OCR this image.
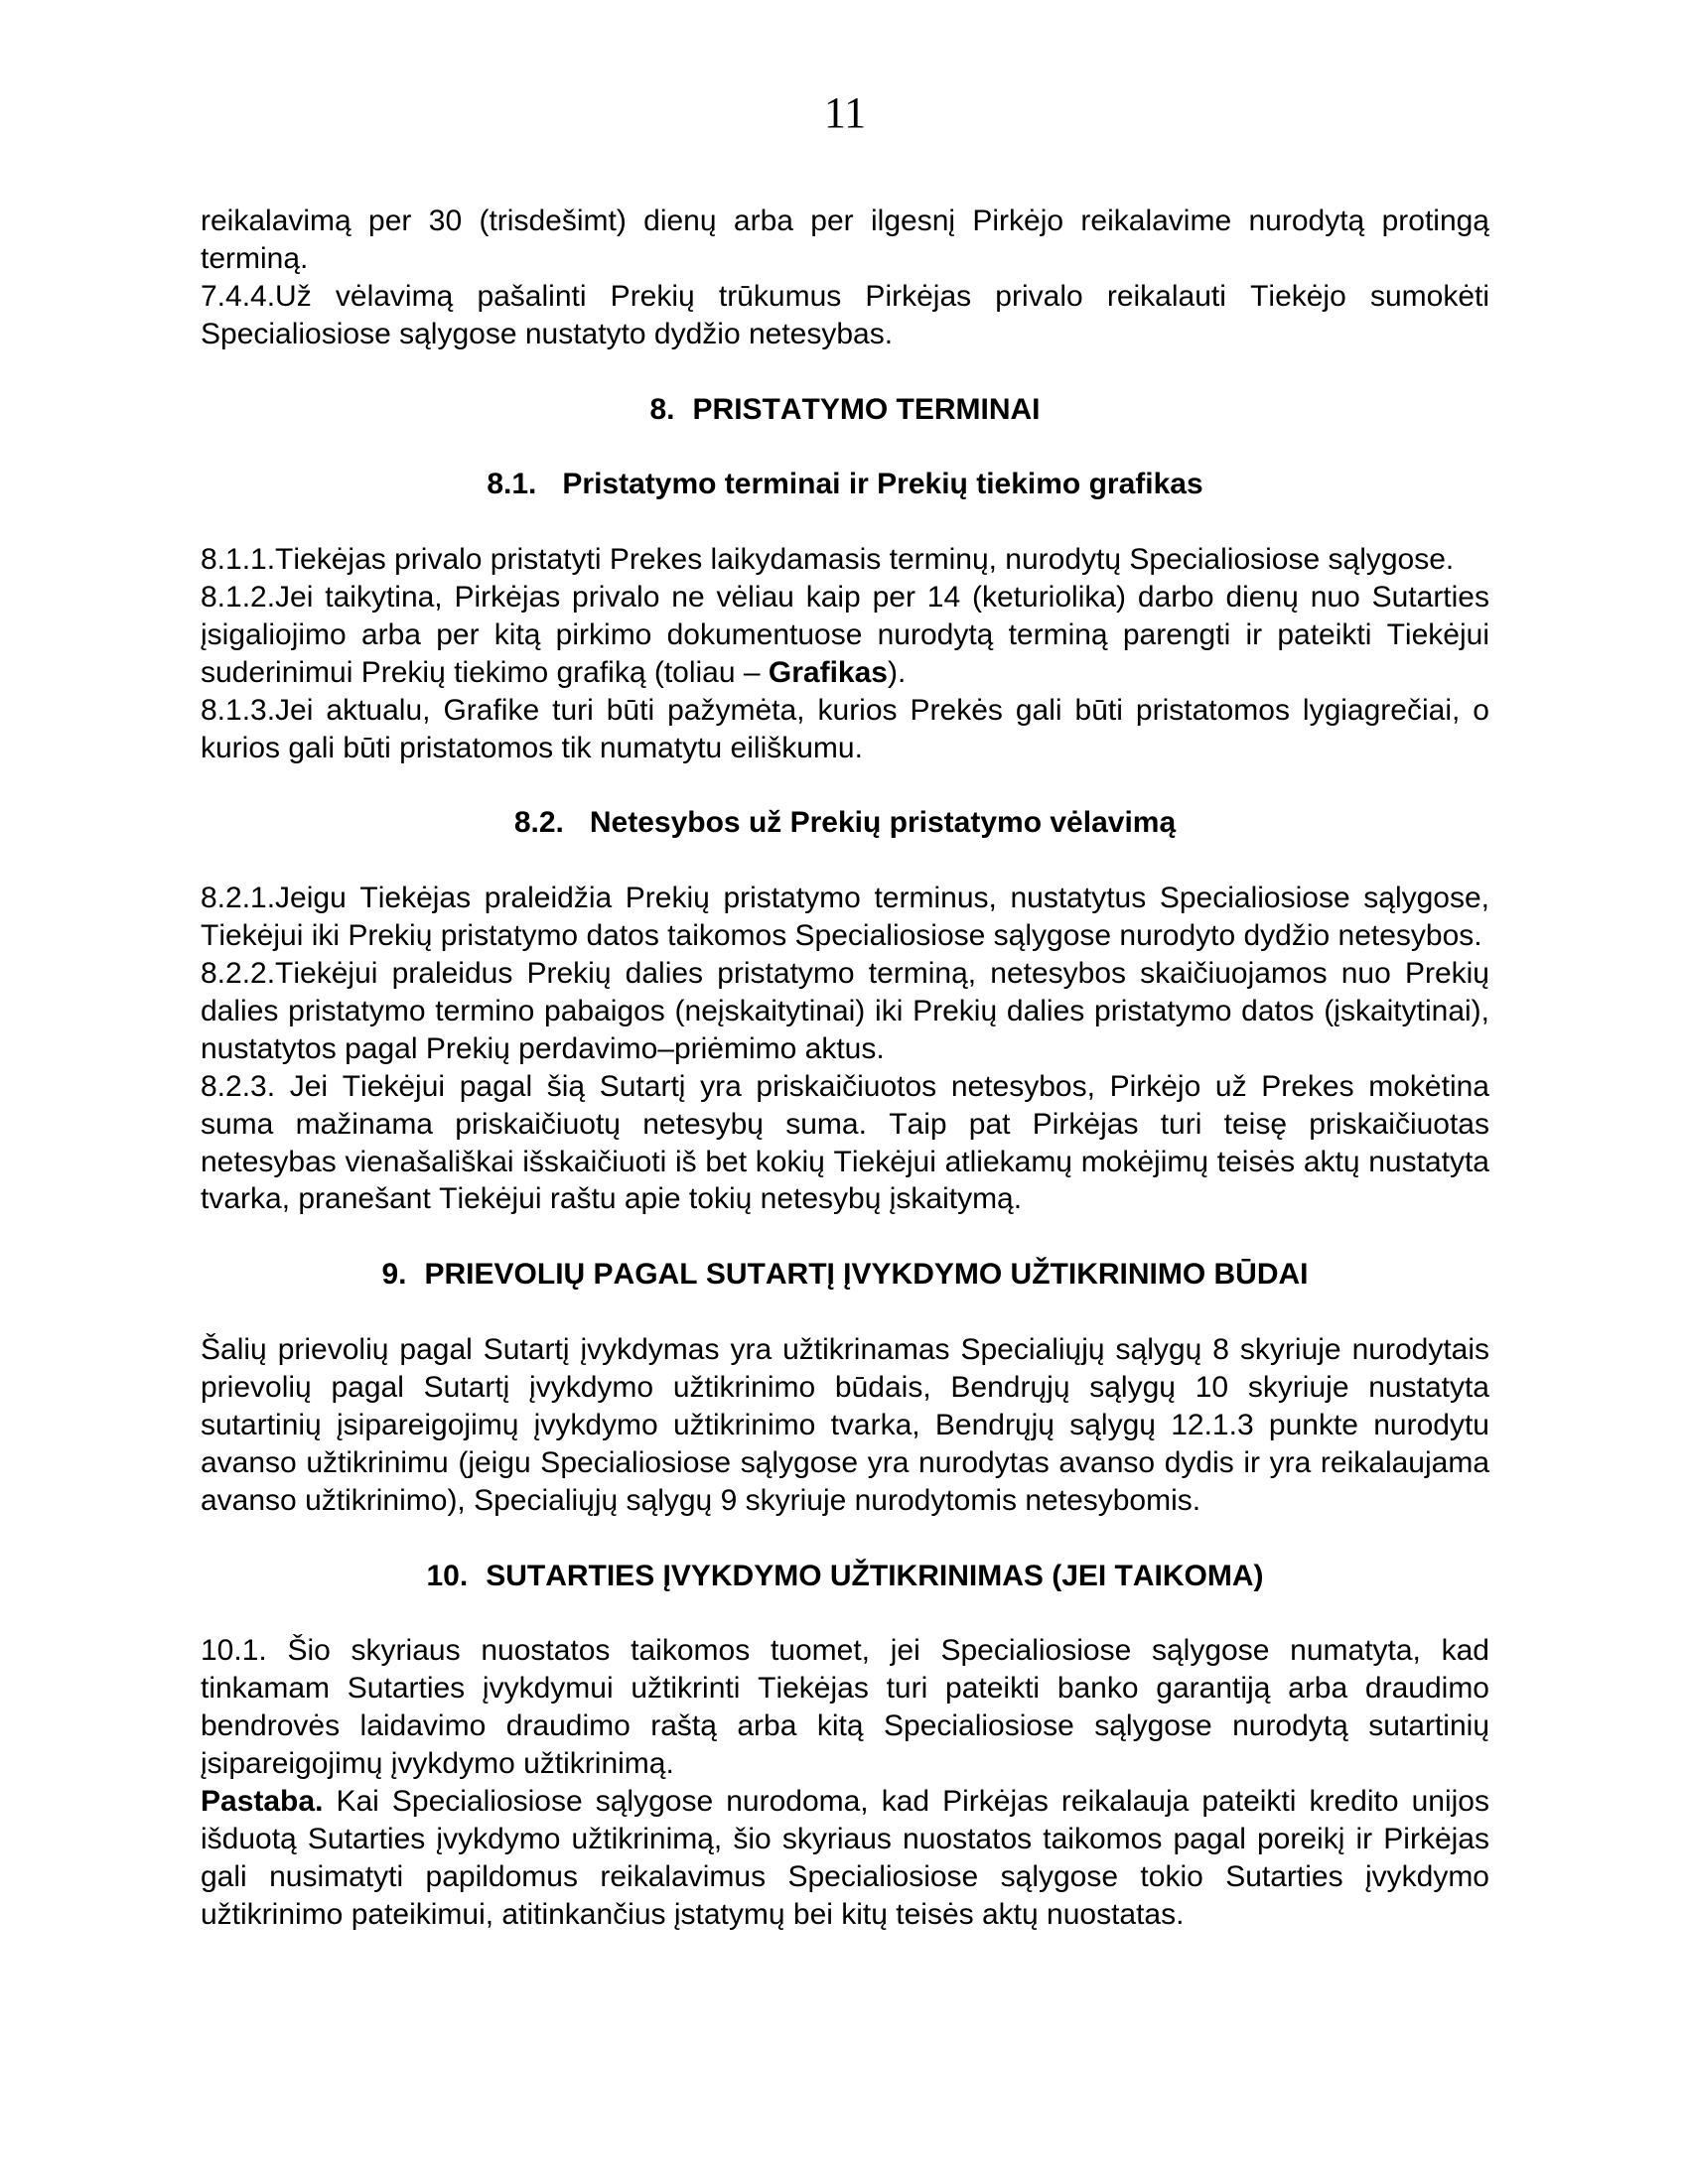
11

reikalavimą per 30 (trisdešimt) dienų arba per ilgesnį Pirkėjo reikalavime nurodytą protingą terminą.

7.4.4.Už vėlavimą pašalinti Prekių trūkumus Pirkėjas privalo reikalauti Tiekėjo sumokėti Specialiosiose sąlygose nustatyto dydžio netesybas.

8. PRISTATYMO TERMINAI
8.1. Pristatymo terminai ir Prekių tiekimo grafikas

8.1.1.Tiekėjas privalo pristatyti Prekes laikydamasis terminų, nurodytų Specialiosiose sąlygose.

8.1.2.Jei taikytina, Pirkėjas privalo ne vėliau kaip per 14 (keturiolika) darbo dienų nuo Sutarties įsigaliojimo arba per kitą pirkimo dokumentuose nurodytą terminą parengti ir pateikti Tiekėjui suderinimui Prekių tiekimo grafiką (toliau – Grafikas).

8.1.3.Jei aktualu, Grafike turi būti pažymėta, kurios Prekės gali būti pristatomos lygiagrečiai, o kurios gali būti pristatomos tik numatytu eiliškumu.

8.2. Netesybos už Prekių pristatymo vėlavimą

8.2.1.Jeigu Tiekėjas praleidžia Prekių pristatymo terminus, nustatytus Specialiosiose sąlygose, Tiekėjui iki Prekių pristatymo datos taikomos Specialiosiose sąlygose nurodyto dydžio netesybos.

8.2.2.Tiekėjui praleidus Prekių dalies pristatymo terminą, netesybos skaičiuojamos nuo Prekių dalies pristatymo termino pabaigos (neįskaitytinai) iki Prekių dalies pristatymo datos (įskaitytinai), nustatytos pagal Prekių perdavimo–priėmimo aktus.

8.2.3. Jei Tiekėjui pagal šią Sutartį yra priskaičiuotos netesybos, Pirkėjo už Prekes mokėtina suma mažinama priskaičiuotų netesybų suma. Taip pat Pirkėjas turi teisę priskaičiuotas netesybas vienašališkai išskaičiuoti iš bet kokių Tiekėjui atliekamų mokėjimų teisės aktų nustatyta tvarka, pranešant Tiekėjui raštu apie tokių netesybų įskaitymą.

9. PRIEVOLIŲ PAGAL SUTARTĮ ĮVYKDYMO UŽTIKRINIMO BŪDAI

Šalių prievolių pagal Sutartį įvykdymas yra užtikrinamas Specialiųjų sąlygų 8 skyriuje nurodytais prievolių pagal Sutartį įvykdymo užtikrinimo būdais, Bendrųjų sąlygų 10 skyriuje nustatyta sutartinių įsipareigojimų įvykdymo užtikrinimo tvarka, Bendrųjų sąlygų 12.1.3 punkte nurodytu avanso užtikrinimu (jeigu Specialiosiose sąlygose yra nurodytas avanso dydis ir yra reikalaujama avanso užtikrinimo), Specialiųjų sąlygų 9 skyriuje nurodytomis netesybomis.

10. SUTARTIES ĮVYKDYMO UŽTIKRINIMAS (JEI TAIKOMA)

10.1. Šio skyriaus nuostatos taikomos tuomet, jei Specialiosiose sąlygose numatyta, kad tinkamam Sutarties įvykdymui užtikrinti Tiekėjas turi pateikti banko garantiją arba draudimo bendrovės laidavimo draudimo raštą arba kitą Specialiosiose sąlygose nurodytą sutartinių įsipareigojimų įvykdymo užtikrinimą.

Pastaba. Kai Specialiosiose sąlygose nurodoma, kad Pirkėjas reikalauja pateikti kredito unijos išduotą Sutarties įvykdymo užtikrinimą, šio skyriaus nuostatos taikomos pagal poreikį ir Pirkėjas gali nusimatyti papildomus reikalavimus Specialiosiose sąlygose tokio Sutarties įvykdymo užtikrinimo pateikimui, atitinkančius įstatymų bei kitų teisės aktų nuostatas.
